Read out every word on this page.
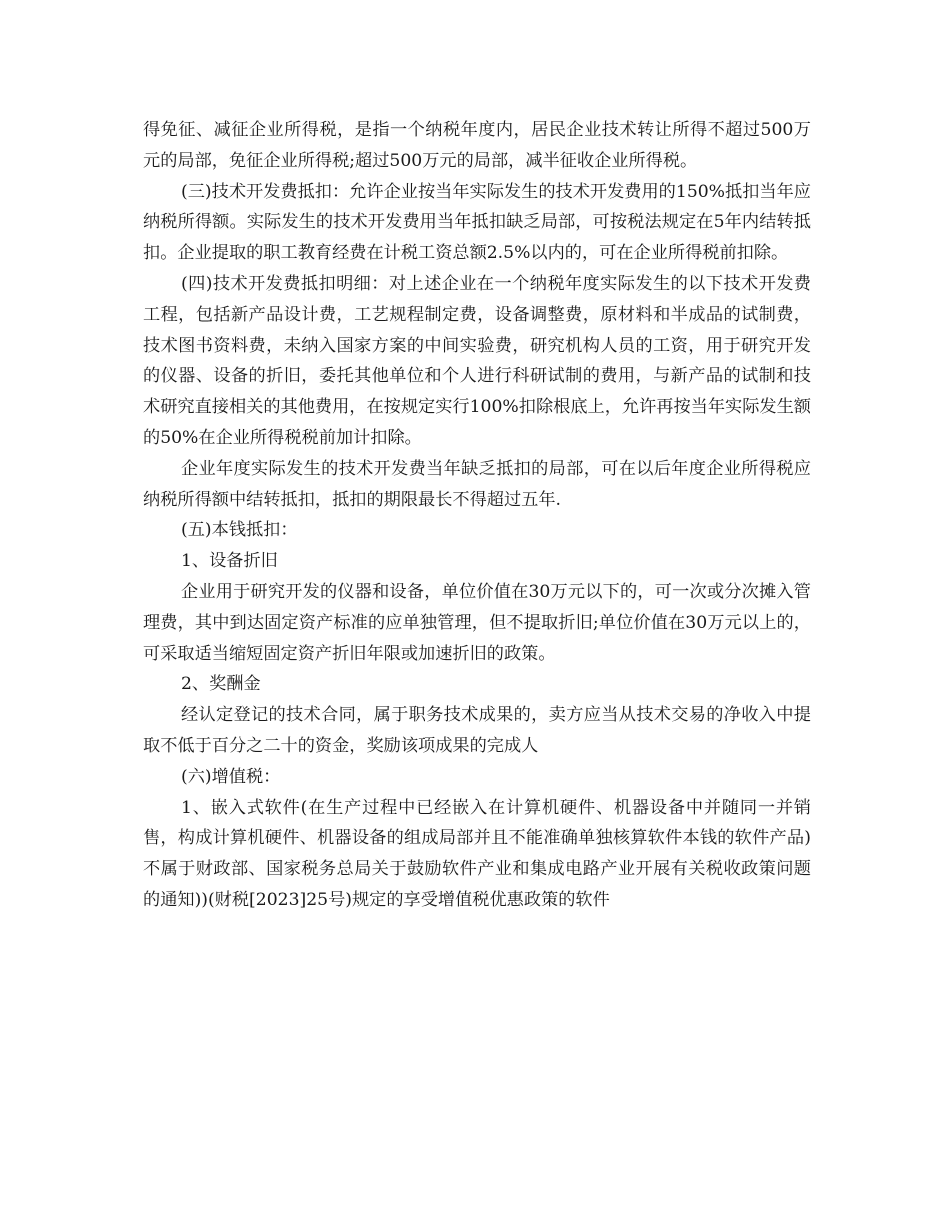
得免征、减征企业所得税，是指一个纳税年度内，居民企业技术转让所得不超过500万元的局部，免征企业所得税;超过500万元的局部，减半征收企业所得税。

(三)技术开发费抵扣：允许企业按当年实际发生的技术开发费用的150%抵扣当年应纳税所得额。实际发生的技术开发费用当年抵扣缺乏局部，可按税法规定在5年内结转抵扣。企业提取的职工教育经费在计税工资总额2.5%以内的，可在企业所得税前扣除。

(四)技术开发费抵扣明细：对上述企业在一个纳税年度实际发生的以下技术开发费工程，包括新产品设计费，工艺规程制定费，设备调整费，原材料和半成品的试制费，技术图书资料费，未纳入国家方案的中间实验费，研究机构人员的工资，用于研究开发的仪器、设备的折旧，委托其他单位和个人进行科研试制的费用，与新产品的试制和技术研究直接相关的其他费用，在按规定实行100%扣除根底上，允许再按当年实际发生额的50%在企业所得税税前加计扣除。

企业年度实际发生的技术开发费当年缺乏抵扣的局部，可在以后年度企业所得税应纳税所得额中结转抵扣，抵扣的期限最长不得超过五年.

(五)本钱抵扣：

1、设备折旧

企业用于研究开发的仪器和设备，单位价值在30万元以下的，可一次或分次摊入管理费，其中到达固定资产标准的应单独管理，但不提取折旧;单位价值在30万元以上的，可采取适当缩短固定资产折旧年限或加速折旧的政策。

2、奖酬金

经认定登记的技术合同，属于职务技术成果的，卖方应当从技术交易的净收入中提取不低于百分之二十的资金，奖励该项成果的完成人

(六)增值税：

1、嵌入式软件(在生产过程中已经嵌入在计算机硬件、机器设备中并随同一并销售，构成计算机硬件、机器设备的组成局部并且不能准确单独核算软件本钱的软件产品)不属于财政部、国家税务总局关于鼓励软件产业和集成电路产业开展有关税收政策问题的通知))(财税[2023]25号)规定的享受增值税优惠政策的软件
